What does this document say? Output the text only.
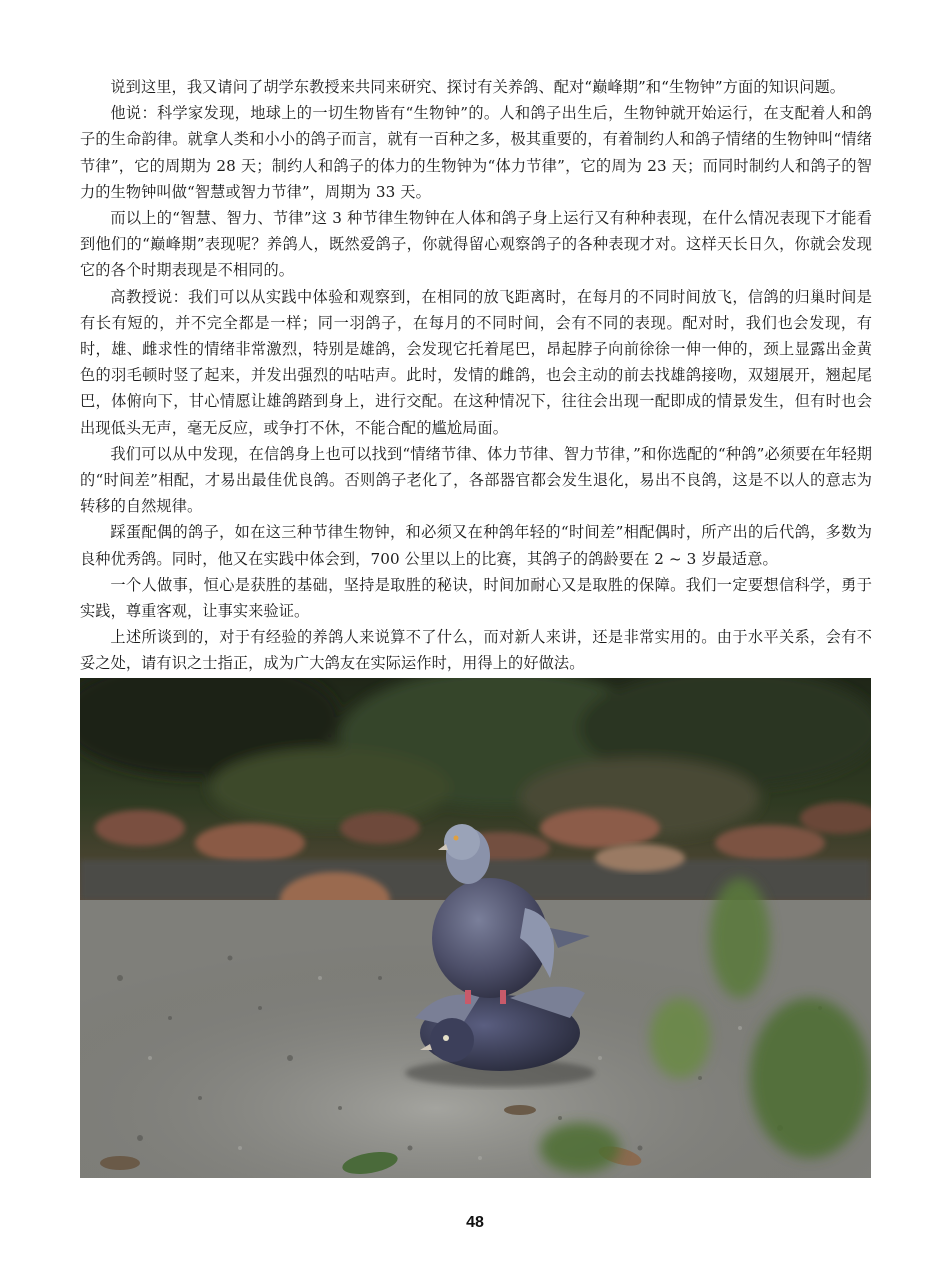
说到这里，我又请问了胡学东教授来共同来研究、探讨有关养鸽、配对“巅峰期”和“生物钟”方面的知识问题。

他说：科学家发现，地球上的一切生物皆有“生物钟”的。人和鸽子出生后，生物钟就开始运行，在支配着人和鸽子的生命韵律。就拿人类和小小的鸽子而言，就有一百种之多，极其重要的，有着制约人和鸽子情绪的生物钟叫“情绪节律”，它的周期为 28 天；制约人和鸽子的体力的生物钟为“体力节律”，它的周为 23 天；而同时制约人和鸽子的智力的生物钟叫做“智慧或智力节律”，周期为 33 天。

而以上的“智慧、智力、节律”这 3 种节律生物钟在人体和鸽子身上运行又有种种表现，在什么情况表现下才能看到他们的“巅峰期”表现呢？养鸽人，既然爱鸽子，你就得留心观察鸽子的各种表现才对。这样天长日久，你就会发现它的各个时期表现是不相同的。

高教授说：我们可以从实践中体验和观察到，在相同的放飞距离时，在每月的不同时间放飞，信鸽的归巢时间是有长有短的，并不完全都是一样；同一羽鸽子，在每月的不同时间，会有不同的表现。配对时，我们也会发现，有时，雄、雌求性的情绪非常激烈，特别是雄鸽，会发现它托着尾巴，昂起脖子向前徐徐一伸一伸的，颈上显露出金黄色的羽毛顿时竖了起来，并发出强烈的咕咕声。此时，发情的雌鸽，也会主动的前去找雄鸽接吻，双翅展开，翘起尾巴，体俯向下，甘心情愿让雄鸽踏到身上，进行交配。在这种情况下，往往会出现一配即成的情景发生，但有时也会出现低头无声，毫无反应，或争打不休，不能合配的尴尬局面。

我们可以从中发现，在信鸽身上也可以找到“情绪节律、体力节律、智力节律，”和你选配的“种鸽”必须要在年轻期的“时间差”相配，才易出最佳优良鸽。否则鸽子老化了，各部器官都会发生退化，易出不良鸽，这是不以人的意志为转移的自然规律。

踩蛋配偶的鸽子，如在这三种节律生物钟，和必须又在种鸽年轻的“时间差”相配偶时，所产出的后代鸽，多数为良种优秀鸽。同时，他又在实践中体会到，700 公里以上的比赛，其鸽子的鸽龄要在 2 ~ 3 岁最适意。

一个人做事，恒心是获胜的基础，坚持是取胜的秘诀，时间加耐心又是取胜的保障。我们一定要想信科学，勇于实践，尊重客观，让事实来验证。

上述所谈到的，对于有经验的养鸽人来说算不了什么，而对新人来讲，还是非常实用的。由于水平关系，会有不妥之处，请有识之士指正，成为广大鸽友在实际运作时，用得上的好做法。

48
